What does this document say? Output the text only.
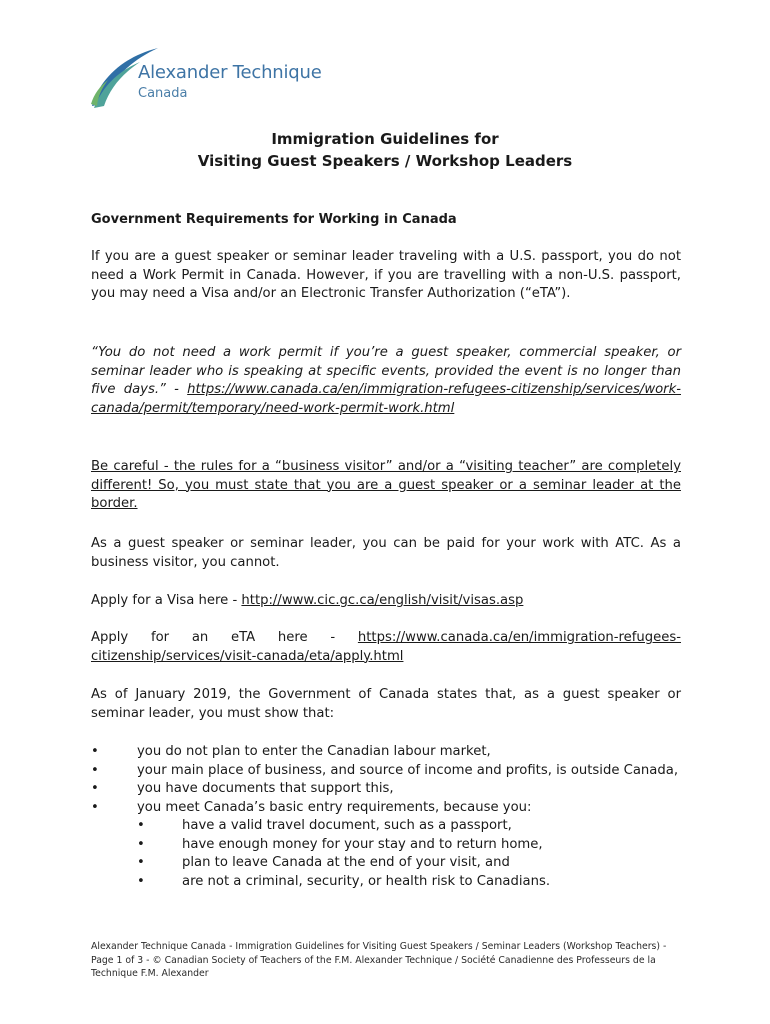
Alexander Technique
Canada
Immigration Guidelines for
Visiting Guest Speakers / Workshop Leaders
Government Requirements for Working in Canada
If you are a guest speaker or seminar leader traveling with a U.S. passport, you do not need a Work Permit in Canada. However, if you are travelling with a non-U.S. passport, you may need a Visa and/or an Electronic Transfer Authorization (“eTA”).
“You do not need a work permit if you’re a guest speaker, commercial speaker, or seminar leader who is speaking at specific events, provided the event is no longer than five days.” - https://www.canada.ca/en/immigration-refugees-citizenship/services/work-canada/permit/temporary/need-work-permit-work.html
Be careful - the rules for a “business visitor” and/or a “visiting teacher” are completely different! So, you must state that you are a guest speaker or a seminar leader at the border.
As a guest speaker or seminar leader, you can be paid for your work with ATC. As a business visitor, you cannot.
Apply for a Visa here - http://www.cic.gc.ca/english/visit/visas.asp
Apply for an eTA here - https://www.canada.ca/en/immigration-refugees-citizenship/services/visit-canada/eta/apply.html
As of January 2019, the Government of Canada states that, as a guest speaker or seminar leader, you must show that:
•	you do not plan to enter the Canadian labour market,
•	your main place of business, and source of income and profits, is outside Canada,
•	you have documents that support this,
•	you meet Canada’s basic entry requirements, because you:
•	have a valid travel document, such as a passport,
•	have enough money for your stay and to return home,
•	plan to leave Canada at the end of your visit, and
•	are not a criminal, security, or health risk to Canadians.
Alexander Technique Canada - Immigration Guidelines for Visiting Guest Speakers / Seminar Leaders (Workshop Teachers) - Page 1 of 3 - © Canadian Society of Teachers of the F.M. Alexander Technique / Société Canadienne des Professeurs de la Technique F.M. Alexander
